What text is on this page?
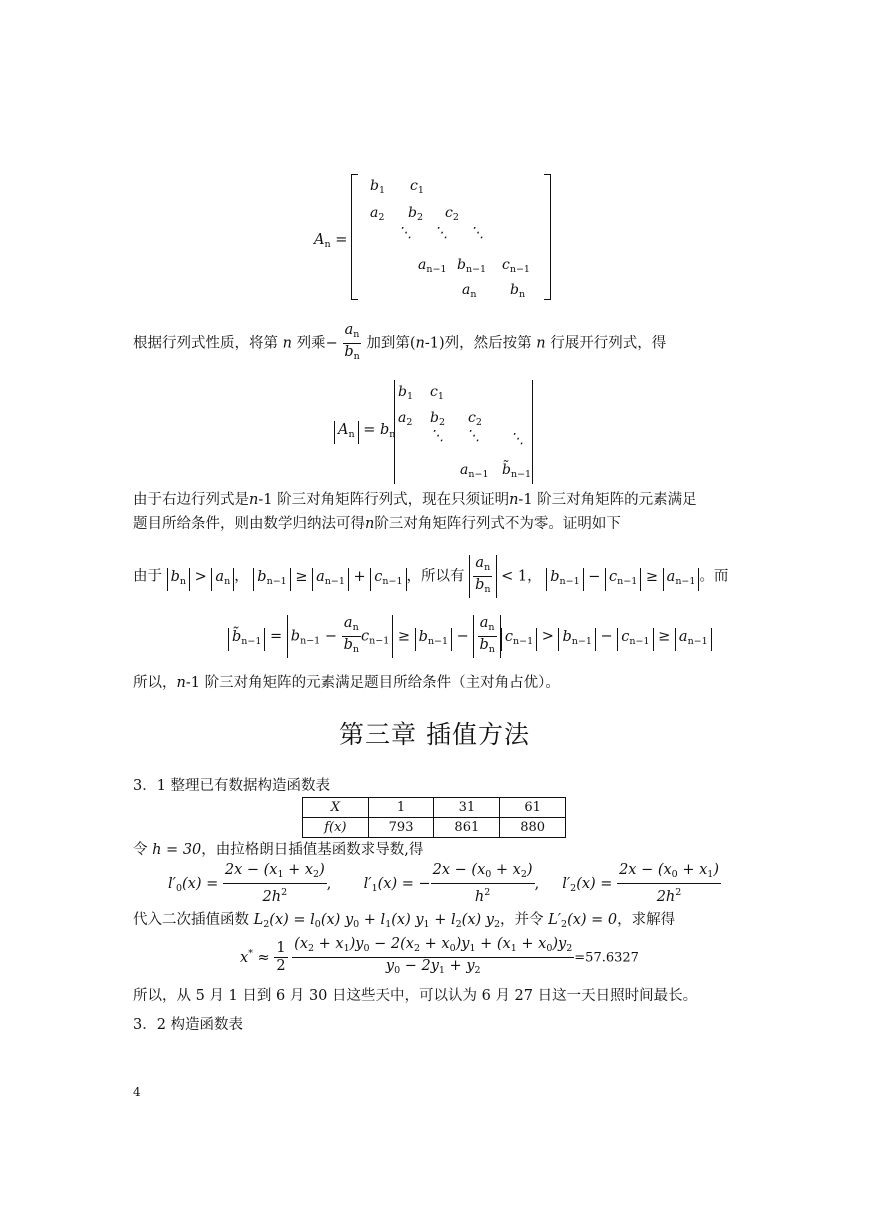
$A_n$ =
$b_1$ $c_1$
$a_2$ $b_2$ $c_2$
⋱ ⋱ ⋱
$a_{n-1}$ $b_{n-1}$ $c_{n-1}$
$a_n$ $b_n$
根据行列式性质，将第 n 列乘− $\frac{a_n}{b_n}$ 加到第(n-1)列，然后按第 n 行展开行列式，得
$A_n = b_n$
$b_1$ $c_1$
$a_2$ $b_2$ $c_2$
⋱ ⋱ ⋱
$a_{n-1}$ $b̃_{n-1}$
由于右边行列式是n-1 阶三对角矩阵行列式，现在只须证明n-1 阶三对角矩阵的元素满足
题目所给条件，则由数学归纳法可得n阶三对角矩阵行列式不为零。证明如下
由于 $b_n > a_n$ ， $b_{n-1} \ge a_{n-1} + c_{n-1}$ ，所以有 $\frac{a_n}{b_n} < 1$， $b_{n-1} - c_{n-1} \ge a_{n-1}$ 。而
$b̃_{n-1} = b_{n-1} - \frac{a_n}{b_n} c_{n-1} \ge b_{n-1} - \frac{a_n}{b_n} c_{n-1} > b_{n-1} - c_{n-1} \ge a_{n-1}$
所以，n-1 阶三对角矩阵的元素满足题目所给条件（主对角占优）。
第三章 插值方法
3．1 整理已有数据构造函数表
X	1	31	61
f(x)	793	861	880
令 h = 30，由拉格朗日插值基函数求导数,得
$l'_0(x) = \frac{2x - (x_1 + x_2)}{2h^2}$ , $l'_1(x)$ = − $\frac{2x - (x_0 + x_2)}{h^2}$ , $l'_2(x) = \frac{2x - (x_0 + x_1)}{2h^2}$
代入二次插值函数 $L_2(x) = l_0(x) y_0 + l_1(x) y_1 + l_2(x)$ $y_2$，并令 $L'_2(x) = 0$，求解得
$x^* \approx \frac{1}{2}$
$\frac{(x_2 + x_1)y_0 - 2(x_2 + x_0)y_1 + (x_1 + x_0)y_2}{y_0 - 2y_1 + y_2} =57.6327$
所以，从 5 月 1 日到 6 月 30 日这些天中，可以认为 6 月 27 日这一天日照时间最长。
3．2 构造函数表
4
